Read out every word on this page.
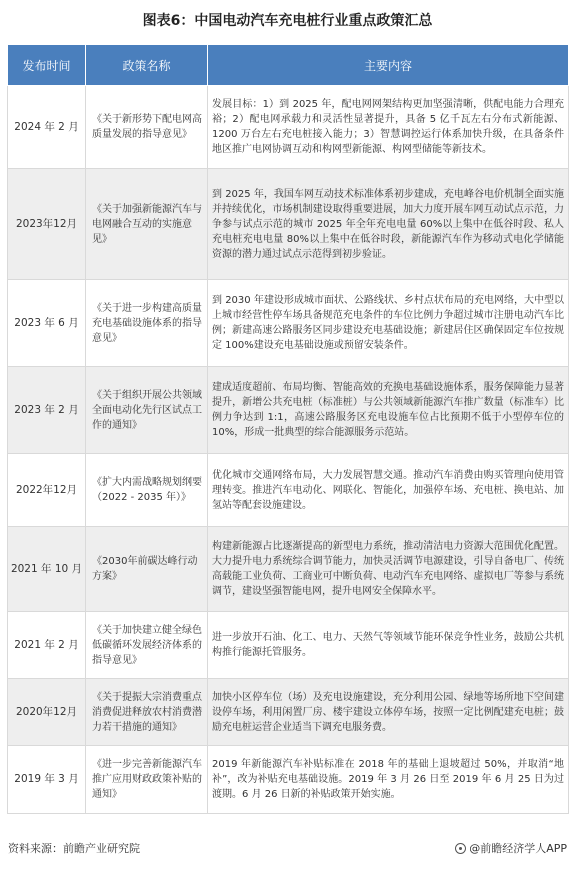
图表6：中国电动汽车充电桩行业重点政策汇总
发布时间	政策名称	主要内容
2024 年 2 月	《关于新形势下配电网高质量发展的指导意见》	发展目标：1）到 2025 年，配电网网架结构更加坚强清晰，供配电能力合理充裕；2）配电网承载力和灵活性显著提升，具备 5 亿千瓦左右分布式新能源、1200 万台左右充电桩接入能力；3）智慧调控运行体系加快升级，在具备条件地区推广电网协调互动和构网型新能源、构网型储能等新技术。
2023年12月	《关于加强新能源汽车与电网融合互动的实施意见》	到 2025 年，我国车网互动技术标准体系初步建成，充电峰谷电价机制全面实施并持续优化，市场机制建设取得重要进展，加大力度开展车网互动试点示范，力争参与试点示范的城市 2025 年全年充电电量 60%以上集中在低谷时段、私人充电桩充电电量 80%以上集中在低谷时段，新能源汽车作为移动式电化学储能资源的潜力通过试点示范得到初步验证。
2023 年 6 月	《关于进一步构建高质量充电基础设施体系的指导意见》	到 2030 年建设形成城市面状、公路线状、乡村点状布局的充电网络，大中型以上城市经营性停车场具备规范充电条件的车位比例力争超过城市注册电动汽车比例；新建高速公路服务区同步建设充电基础设施；新建居住区确保固定车位按规定 100%建设充电基础设施或预留安装条件。
2023 年 2 月	《关于组织开展公共领域全面电动化先行区试点工作的通知》	建成适度超前、布局均衡、智能高效的充换电基础设施体系，服务保障能力显著提升，新增公共充电桩（标准桩）与公共领域新能源汽车推广数量（标准车）比例力争达到 1:1，高速公路服务区充电设施车位占比预期不低于小型停车位的 10%，形成一批典型的综合能源服务示范站。
2022年12月	《扩大内需战略规划纲要（2022 - 2035 年）》	优化城市交通网络布局，大力发展智慧交通。推动汽车消费由购买管理向使用管理转变。推进汽车电动化、网联化、智能化，加强停车场、充电桩、换电站、加氢站等配套设施建设。
2021 年 10 月	《2030年前碳达峰行动方案》	构建新能源占比逐渐提高的新型电力系统，推动清洁电力资源大范围优化配置。大力提升电力系统综合调节能力，加快灵活调节电源建设，引导自备电厂、传统高载能工业负荷、工商业可中断负荷、电动汽车充电网络、虚拟电厂等参与系统调节，建设坚强智能电网，提升电网安全保障水平。
2021 年 2 月	《关于加快建立健全绿色低碳循环发展经济体系的指导意见》	进一步放开石油、化工、电力、天然气等领域节能环保竞争性业务，鼓励公共机构推行能源托管服务。
2020年12月	《关于提振大宗消费重点消费促进释放农村消费潜力若干措施的通知》	加快小区停车位（场）及充电设施建设，充分利用公园、绿地等场所地下空间建设停车场，利用闲置厂房、楼宇建设立体停车场，按照一定比例配建充电桩；鼓励充电桩运营企业适当下调充电服务费。
2019 年 3 月	《进一步完善新能源汽车推广应用财政政策补贴的通知》	2019 年新能源汽车补贴标准在 2018 年的基础上退坡超过 50%，并取消“地补”，改为补贴充电基础设施。2019 年 3 月 26 日至 2019 年 6 月 25 日为过渡期。6 月 26 日新的补贴政策开始实施。
资料来源：前瞻产业研究院	@前瞻经济学人APP
